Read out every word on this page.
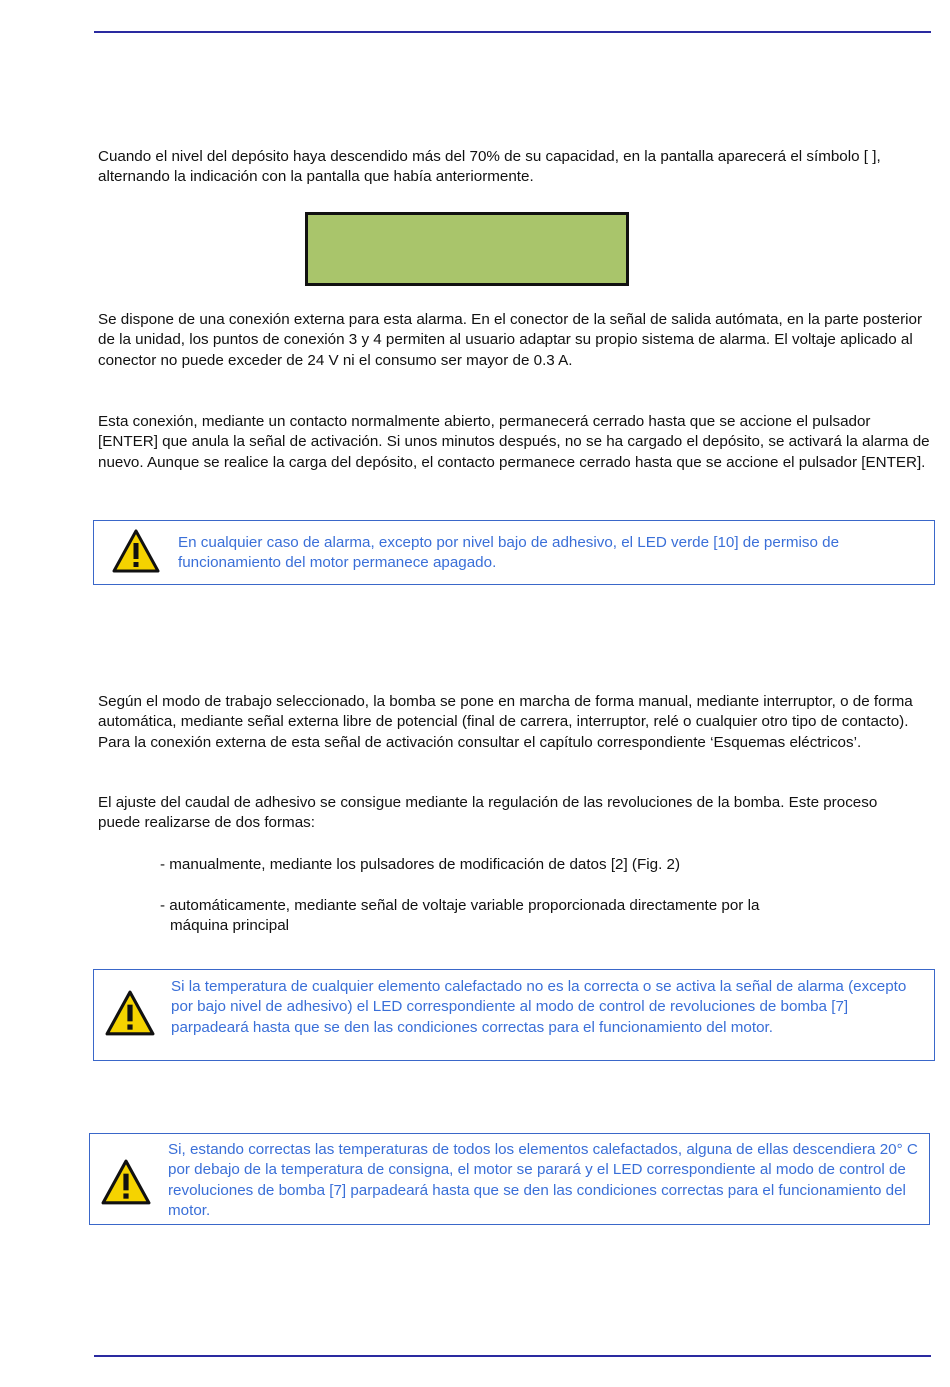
Cuando el nivel del depósito haya descendido más del 70% de su capacidad, en la pantalla aparecerá el símbolo [ ], alternando la indicación con la pantalla que había anteriormente.

Se dispone de una conexión externa para esta alarma. En el conector de la señal de salida autómata, en la parte posterior de la unidad, los puntos de conexión 3 y 4 permiten al usuario adaptar su propio sistema de alarma. El voltaje aplicado al conector no puede exceder de 24 V ni el consumo ser mayor de 0.3 A.

Esta conexión, mediante un contacto normalmente abierto, permanecerá cerrado hasta que se accione el pulsador [ENTER] que anula la señal de activación. Si unos minutos después, no se ha cargado el depósito, se activará la alarma de nuevo. Aunque se realice la carga del depósito, el contacto permanece cerrado hasta que se accione el pulsador [ENTER].

En cualquier caso de alarma, excepto por nivel bajo de adhesivo, el LED verde [10] de permiso de funcionamiento del motor permanece apagado.

Según el modo de trabajo seleccionado, la bomba se pone en marcha de forma manual, mediante interruptor, o de forma automática, mediante señal externa libre de potencial (final de carrera, interruptor, relé o cualquier otro tipo de contacto). Para la conexión externa de esta señal de activación consultar el capítulo correspondiente ‘Esquemas eléctricos’.

El ajuste del caudal de adhesivo se consigue mediante la regulación de las revoluciones de la bomba. Este proceso puede realizarse de dos formas:

- manualmente, mediante los pulsadores de modificación de datos [2] (Fig. 2)

- automáticamente, mediante señal de voltaje variable proporcionada directamente por la

máquina principal

Si la temperatura de cualquier elemento calefactado no es la correcta o se activa la señal de alarma (excepto por bajo nivel de adhesivo) el LED correspondiente al modo de control de revoluciones de bomba [7] parpadeará hasta que se den las condiciones correctas para el funcionamiento del motor.

Si, estando correctas las temperaturas de todos los elementos calefactados, alguna de ellas descendiera 20° C por debajo de la temperatura de consigna, el motor se parará y el LED correspondiente al modo de control de revoluciones de bomba [7] parpadeará hasta que se den las condiciones correctas para el funcionamiento del motor.
